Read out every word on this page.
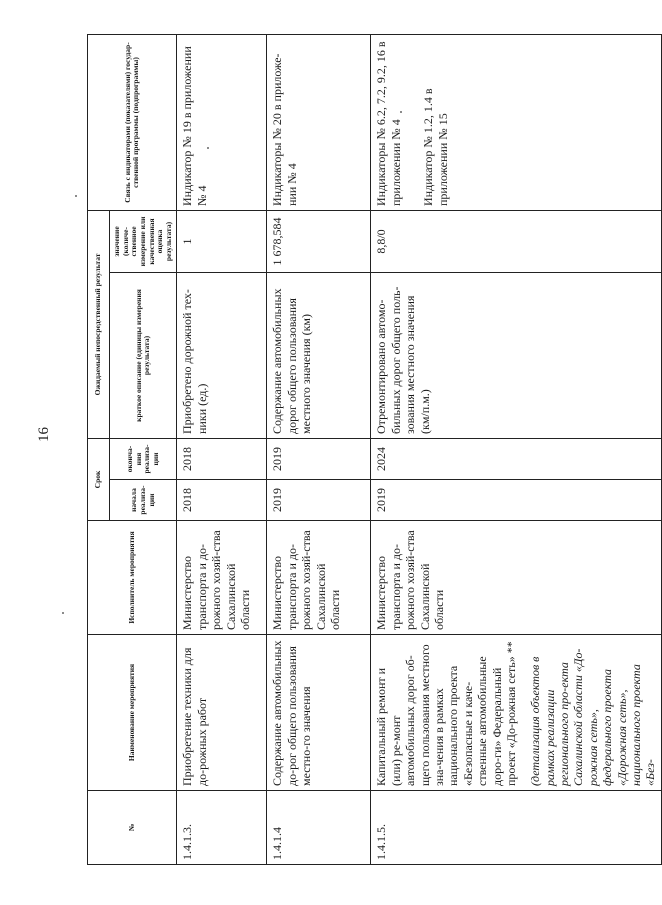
16
№	Наименование мероприятия	Исполнитель мероприятия	Срок		Ожидаемый непосредственный результат		Связь с индикаторами (показателями) государ-ственной программы (подпрограммы)
			начала реализа-ции	оконча-ния реализа-ции	краткое описание (единицы измерения результата)	значение (количе-ственное измерение или качественная оценка результата)	
1.4.1.3.	Приобретение техники для до-рожных работ	Министерство транспорта и до-рожного хозяй-ства Сахалинской области	2018	2018	Приобретено дорожной тех-ники (ед.)	1	Индикатор № 19 в приложении № 4

1.4.1.4	Содержание автомобильных до-рог общего пользования местно-го значения	Министерство транспорта и до-рожного хозяй-ства Сахалинской области	2019	2019	Содержание автомобильных дорог общего пользования местного значения (км)	1 678,584	Индикаторы № 20 в приложе-нии № 4

1.4.1.5.	Капитальный ремонт и (или) ре-монт автомобильных дорог об-щего пользования местного зна-чения в рамках национального проекта «Безопасные и каче-ственные автомобильные доро-ги» Федеральный проект «До-рожная сеть» ** (детализация объектов в рамках реализации регионального про-екта Сахалинской области «До-рожная сеть», федерального проекта «Дорожная сеть», национального проекта «Без-	Министерство транспорта и до-рожного хозяй-ства Сахалинской области	2019	2024	Отремонтировано автомо-бильных дорог общего поль-зования местного значения (км/п.м.)	8,8/0	Индикаторы № 6.2, 7.2, 9.2, 16 в приложении № 4 Индикатор № 1.2, 1.4 в приложении № 15
